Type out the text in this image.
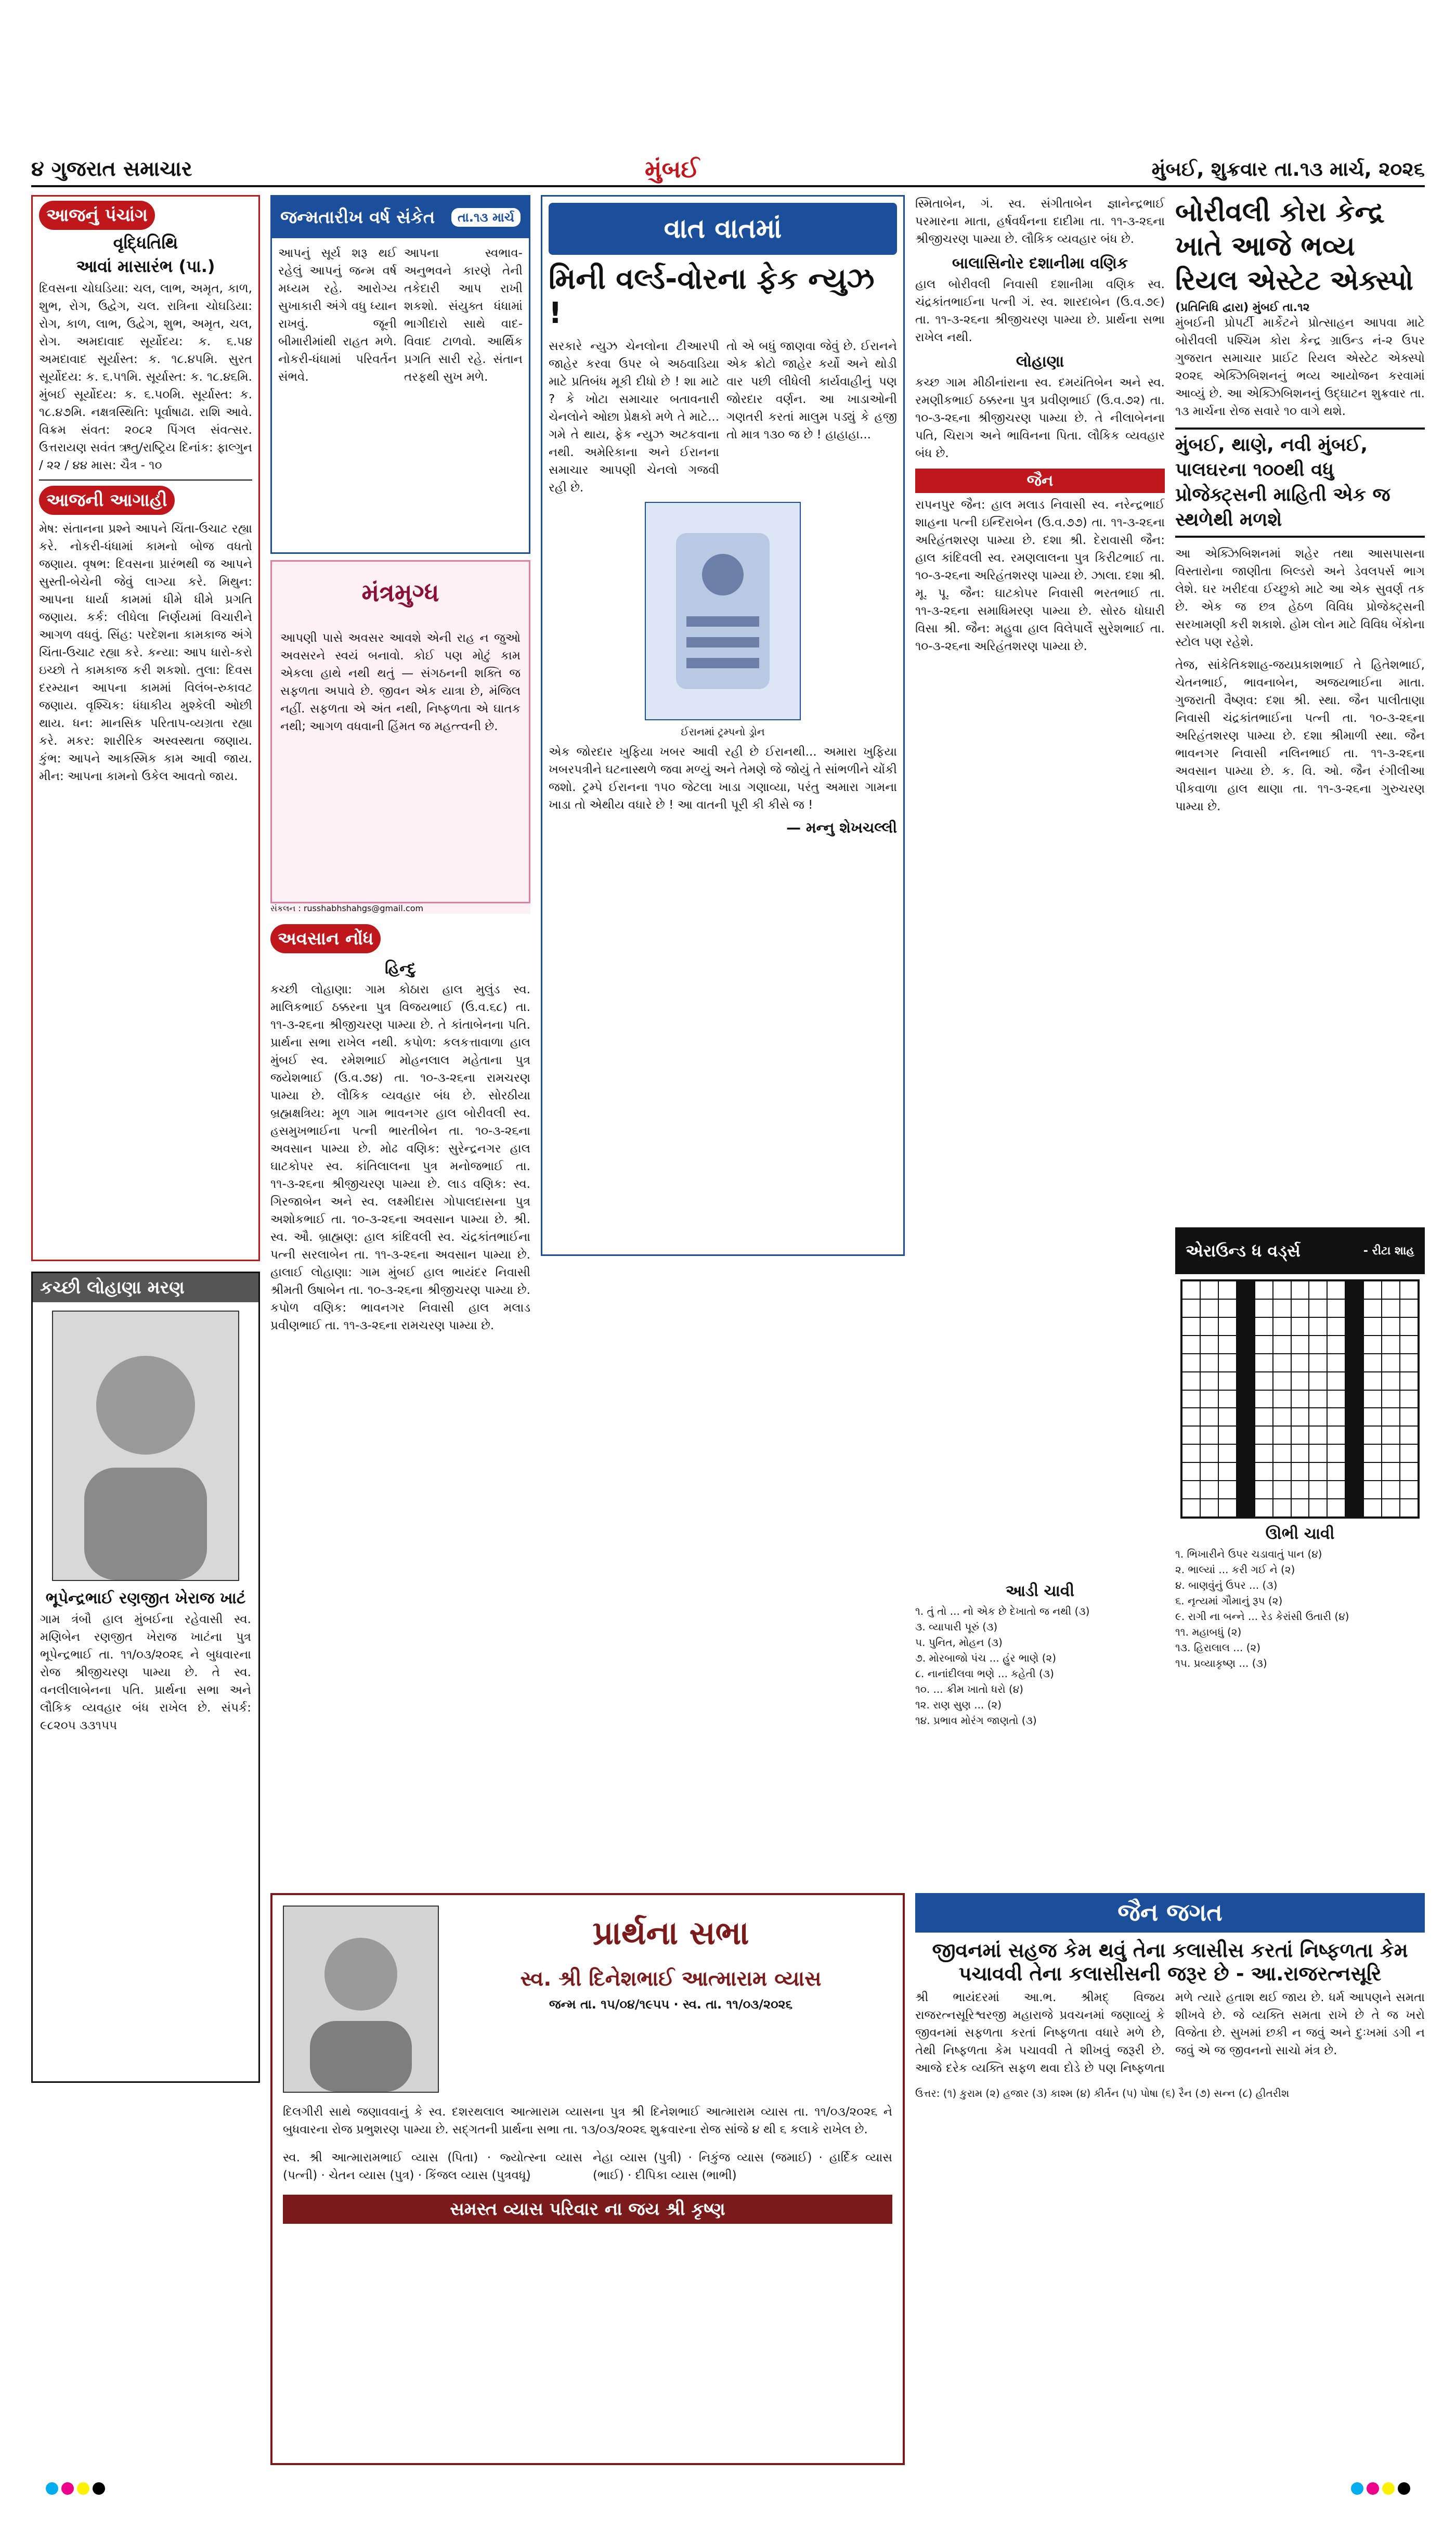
૪ ગુજરાત સમાચાર	મુંબઈ	મુંબઈ, શુક્રવાર તા.૧૩ માર્ચ, ૨૦૨૬
આજનું પંચાંગ
વૃદ્ધિતિથિ
આવાં માસારંભ (પા.)
દિવસના ચોઘડિયા: ચલ, લાભ, અમૃત, કાળ, શુભ, રોગ, ઉદ્વેગ, ચલ. રાત્રિના ચોઘડિયા: રોગ, કાળ, લાભ, ઉદ્વેગ, શુભ, અમૃત, ચલ, રોગ. અમદાવાદ સૂર્યોદય: ક. ૬.૫૪ અમદાવાદ સૂર્યાસ્ત: ક. ૧૮.૪૫મિ. સુરત સૂર્યોદય: ક. ૬.૫૧મિ. સૂર્યાસ્ત: ક. ૧૮.૪૬મિ. મુંબઈ સૂર્યોદય: ક. ૬.૫૦મિ. સૂર્યાસ્ત: ક. ૧૮.૪૭મિ. નક્ષત્રસ્થિતિ: પૂર્વાષાઢા. રાશિ આવે. વિક્રમ સંવત: ૨૦૮૨ પિંગલ સંવત્સર. ઉત્તરાયણ સવંત ઋતુ/રાષ્ટ્રિય દિનાંક: ફાલ્ગુન / ૨૨ / ૪૪ માસ: ચૈત્ર - ૧૦
આજની આગાહી
મેષ: સંતાનના પ્રશ્ને આપને ચિંતા-ઉચાટ રહ્યા કરે. નોકરી-ધંધામાં કામનો બોજ વધતો જણાય. વૃષભ: દિવસના પ્રારંભથી જ આપને સુસ્તી-બેચેની જેવું લાગ્યા કરે. મિથુન: આપના ધાર્યા કામમાં ધીમે ધીમે પ્રગતિ જણાય. કર્ક: લીધેલા નિર્ણયમાં વિચારીને આગળ વધવું. સિંહ: પરદેશના કામકાજ અંગે ચિંતા-ઉચાટ રહ્યા કરે. કન્યા: આપ ધારો-કરો ઇચ્છો તે કામકાજ કરી શકશો. તુલા: દિવસ દરમ્યાન આપના કામમાં વિલંબ-રુકાવટ જણાય. વૃશ્ચિક: ધંધાકીય મુશ્કેલી ઓછી થાય. ધન: માનસિક પરિતાપ-વ્યગ્રતા રહ્યા કરે. મકર: શારીરિક અસ્વસ્થતા જણાય. કુંભ: આપને આકસ્મિક કામ આવી જાય. મીન: આપના કામનો ઉકેલ આવતો જાય.
કચ્છી લોહાણા મરણ
ભૂપેન્દ્રભાઈ રણજીત ખેરાજ ખાટં
ગામ ત્રંબૌ હાલ મુંબઈના રહેવાસી સ્વ. મણિબેન રણજીત ખેરાજ ખાટંના પુત્ર ભૂપેન્દ્રભાઈ તા. ૧૧/૦૩/૨૦૨૬ ને બુધવારના રોજ શ્રીજીચરણ પામ્યા છે. તે સ્વ. વનલીલાબેનના પતિ. પ્રાર્થના સભા અને લૌકિક વ્યવહાર બંધ રાખેલ છે. સંપર્ક: ૯૮૨૦૫ ૩૩૧૫૫
જન્મતારીખ વર્ષ સંકેત	તા.૧૩ માર્ચ
આપનું સૂર્ય શરૂ થઈ રહેલું આપનું જન્મ વર્ષ મધ્યમ રહે. આરોગ્ય સુખાકારી અંગે વધુ ધ્યાન રાખવું. જૂની બીમારીમાંથી રાહત મળે. નોકરી-ધંધામાં પરિવર્તન સંભવે.
આપના સ્વભાવ-અનુભવને કારણે તેની તકેદારી આપ રાખી શકશો. સંયુક્ત ધંધામાં ભાગીદારો સાથે વાદ-વિવાદ ટાળવો. આર્થિક પ્રગતિ સારી રહે. સંતાન તરફથી સુખ મળે.
મંત્રમુગ્ધ
આપણી પાસે અવસર આવશે એની રાહ ન જુઓ અવસરને સ્વયં બનાવો. કોઈ પણ મોટું કામ એકલા હાથે નથી થતું — સંગઠનની શક્તિ જ સફળતા અપાવે છે. જીવન એક યાત્રા છે, મંજિલ નહીં. સફળતા એ અંત નથી, નિષ્ફળતા એ ઘાતક નથી; આગળ વધવાની હિંમત જ મહત્ત્વની છે.
સંકલન : russhabhshahgs@gmail.com
અવસાન નોંધ
હિન્દુ
કચ્છી લોહાણા: ગામ કોઠારા હાલ મુલુંડ સ્વ. માલિકભાઈ ઠક્કરના પુત્ર વિજયભાઈ (ઉ.વ.૬૮) તા. ૧૧-૩-૨૬ના શ્રીજીચરણ પામ્યા છે. તે કાંતાબેનના પતિ. પ્રાર્થના સભા રાખેલ નથી. કપોળ: કલકત્તાવાળા હાલ મુંબઈ સ્વ. રમેશભાઈ મોહનલાલ મહેતાના પુત્ર જયેશભાઈ (ઉ.વ.૭૪) તા. ૧૦-૩-૨૬ના રામચરણ પામ્યા છે. લૌકિક વ્યવહાર બંધ છે. સોરઠીયા બ્રહ્મક્ષત્રિય: મૂળ ગામ ભાવનગર હાલ બોરીવલી સ્વ. હસમુખભાઈના પત્ની ભારતીબેન તા. ૧૦-૩-૨૬ના અવસાન પામ્યા છે. મોઢ વણિક: સુરેન્દ્રનગર હાલ ઘાટકોપર સ્વ. કાંતિલાલના પુત્ર મનોજભાઈ તા. ૧૧-૩-૨૬ના શ્રીજીચરણ પામ્યા છે. લાડ વણિક: સ્વ. ગિરજાબેન અને સ્વ. લક્ષ્મીદાસ ગોપાલદાસના પુત્ર અશોકભાઈ તા. ૧૦-૩-૨૬ના અવસાન પામ્યા છે. શ્રી. સ્વ. ઔ. બ્રાહ્મણ: હાલ કાંદિવલી સ્વ. ચંદ્રકાંતભાઈના પત્ની સરલાબેન તા. ૧૧-૩-૨૬ના અવસાન પામ્યા છે. હાલાઈ લોહાણા: ગામ મુંબઈ હાલ ભાયંદર નિવાસી શ્રીમતી ઉષાબેન તા. ૧૦-૩-૨૬ના શ્રીજીચરણ પામ્યા છે. કપોળ વણિક: ભાવનગર નિવાસી હાલ મલાડ પ્રવીણભાઈ તા. ૧૧-૩-૨૬ના રામચરણ પામ્યા છે.
પ્રાર્થના સભા
સ્વ. શ્રી દિનેશભાઈ આત્મારામ વ્યાસ
જન્મ તા. ૧૫/૦૪/૧૯૫૫ · સ્વ. તા. ૧૧/૦૩/૨૦૨૬
દિલગીરી સાથે જણાવવાનું કે સ્વ. દશરથલાલ આત્મારામ વ્યાસના પુત્ર શ્રી દિનેશભાઈ આત્મારામ વ્યાસ તા. ૧૧/૦૩/૨૦૨૬ ને બુધવારના રોજ પ્રભુશરણ પામ્યા છે. સદ્ગતની પ્રાર્થના સભા તા. ૧૩/૦૩/૨૦૨૬ શુક્રવારના રોજ સાંજે ૪ થી ૬ કલાકે રાખેલ છે.
સ્વ. શ્રી આત્મારામભાઈ વ્યાસ (પિતા) · જ્યોત્સ્ના વ્યાસ (પત્ની) · ચેતન વ્યાસ (પુત્ર) · કિંજલ વ્યાસ (પુત્રવધૂ)
નેહા વ્યાસ (પુત્રી) · નિકુંજ વ્યાસ (જમાઈ) · હાર્દિક વ્યાસ (ભાઈ) · દીપિકા વ્યાસ (ભાભી)
સમસ્ત વ્યાસ પરિવાર ના જય શ્રી કૃષ્ણ
વાત વાતમાં
મિની વર્લ્ડ-વોરના ફેક ન્યુઝ !
સરકારે ન્યુઝ ચેનલોના ટીઆરપી જાહેર કરવા ઉપર બે અઠવાડિયા માટે પ્રતિબંધ મૂકી દીધો છે ! શા માટે ? કે ખોટા સમાચાર બતાવનારી ચેનલોને ઓછા પ્રેક્ષકો મળે તે માટે... ગમે તે થાય, ફેક ન્યુઝ અટકવાના નથી. અમેરિકાના અને ઈરાનના સમાચાર આપણી ચેનલો ગજવી રહી છે.
તો એ બધું જાણવા જેવું છે. ઈરાનને એક ક્રોટો જાહેર કર્યો અને થોડી વાર પછી લીધેલી કાર્યવાહીનું પણ જોરદાર વર્ણન. આ ખાડાઓની ગણતરી કરતાં માલુમ પડ્યું કે હજી તો માત્ર ૧૩૦ જ છે ! હાહાહા...
ઈરાનમાં ટ્રમ્પનો ડ્રોન
એક જોરદાર ખુફિયા ખબર આવી રહી છે ઈરાનથી... અમારા ખુફિયા ખબરપત્રીને ઘટનાસ્થળે જવા મળ્યું અને તેમણે જે જોયું તે સાંભળીને ચોંકી જશો. ટ્રમ્પે ઈરાનના ૧૫૦ જેટલા ખાડા ગણાવ્યા, પરંતુ અમારા ગામના ખાડા તો એથીય વધારે છે ! આ વાતની પૂરી કી કીસે જ !
— મન્નુ શેખચલ્લી
સ્મિતાબેન, ગં. સ્વ. સંગીતાબેન જ્ઞાનેન્દ્રભાઈ પરમારના માતા, હર્ષવર્ધનના દાદીમા તા. ૧૧-૩-૨૬ના શ્રીજીચરણ પામ્યા છે. લૌકિક વ્યવહાર બંધ છે.
બાલાસિનોર દશાનીમા વણિક
હાલ બોરીવલી નિવાસી દશાનીમા વણિક સ્વ. ચંદ્રકાંતભાઈના પત્ની ગં. સ્વ. શારદાબેન (ઉ.વ.૭૯) તા. ૧૧-૩-૨૬ના શ્રીજીચરણ પામ્યા છે. પ્રાર્થના સભા રાખેલ નથી.
લોહાણા
કચ્છ ગામ મીઠીનાંરાના સ્વ. દમયંતિબેન અને સ્વ. રમણીકભાઈ ઠક્કરના પુત્ર પ્રવીણભાઈ (ઉ.વ.૭૨) તા. ૧૦-૩-૨૬ના શ્રીજીચરણ પામ્યા છે. તે નીલાબેનના પતિ, ચિરાગ અને ભાવિનના પિતા. લૌકિક વ્યવહાર બંધ છે.
જૈન
રાપનપુર જૈન: હાલ મલાડ નિવાસી સ્વ. નરેન્દ્રભાઈ શાહના પત્ની ઇન્દિરાબેન (ઉ.વ.૭૭) તા. ૧૧-૩-૨૬ના અરિહંતશરણ પામ્યા છે. દશા શ્રી. દેરાવાસી જૈન: હાલ કાંદિવલી સ્વ. રમણલાલના પુત્ર કિરીટભાઈ તા. ૧૦-૩-૨૬ના અરિહંતશરણ પામ્યા છે. ઝાલા. દશા શ્રી. મૂ. પૂ. જૈન: ઘાટકોપર નિવાસી ભરતભાઈ તા. ૧૧-૩-૨૬ના સમાધિમરણ પામ્યા છે. સોરઠ ધોઘારી વિસા શ્રી. જૈન: મહુવા હાલ વિલેપાર્લે સુરેશભાઈ તા. ૧૦-૩-૨૬ના અરિહંતશરણ પામ્યા છે.
બોરીવલી કોરા કેન્દ્ર ખાતે આજે ભવ્ય રિયલ એસ્ટેટ એક્સ્પો
(પ્રતિનિધિ દ્વારા) મુંબઈ તા.૧૨
મુંબઈની પ્રોપર્ટી માર્કેટને પ્રોત્સાહન આપવા માટે બોરીવલી પશ્ચિમ કોરા કેન્દ્ર ગ્રાઉન્ડ નં-૨ ઉપર ગુજરાત સમાચાર પ્રાઈટ રિયલ એસ્ટેટ એક્સ્પો ૨૦૨૬ એક્ઝિબિશનનું ભવ્ય આયોજન કરવામાં આવ્યું છે. આ એક્ઝિબિશનનું ઉદ્ઘાટન શુક્રવાર તા. ૧૩ માર્ચના રોજ સવારે ૧૦ વાગે થશે.
મુંબઈ, થાણે, નવી મુંબઈ, પાલઘરના ૧૦૦થી વધુ પ્રોજેક્ટ્સની માહિતી એક જ સ્થળેથી મળશે
આ એક્ઝિબિશનમાં શહેર તથા આસપાસના વિસ્તારોના જાણીતા બિલ્ડરો અને ડેવલપર્સ ભાગ લેશે. ઘર ખરીદવા ઈચ્છુકો માટે આ એક સુવર્ણ તક છે. એક જ છત્ર હેઠળ વિવિધ પ્રોજેક્ટ્સની સરખામણી કરી શકાશે. હોમ લોન માટે વિવિધ બેંકોના સ્ટોલ પણ રહેશે.
તેજ, સાંકેતિકશાહ-જયપ્રકાશભાઈ તે હિતેશભાઈ, ચેતનભાઈ, ભાવનાબેન, અજયભાઈના માતા. ગુજરાતી વૈષ્ણવ: દશા શ્રી. સ્થા. જૈન પાલીતાણા નિવાસી ચંદ્રકાંતભાઈના પત્ની તા. ૧૦-૩-૨૬ના અરિહંતશરણ પામ્યા છે. દશા શ્રીમાળી સ્થા. જૈન ભાવનગર નિવાસી નલિનભાઈ તા. ૧૧-૩-૨૬ના અવસાન પામ્યા છે. ક. વિ. ઓ. જૈન રંગીલીઆ પીકવાળા હાલ થાણા તા. ૧૧-૩-૨૬ના ગુરુચરણ પામ્યા છે.
એરાઉન્ડ ધ વર્ડ્સ	- રીટા શાહ
ઊભી ચાવી
૧. ભિખારીને ઉપર ચડાવાતું પાન (૪)
૨. ભાલ્યાં ... કરી ગઈ ને (૨)
૪. બાણવુંનું ઉપર ... (૩)
૬. નૃત્યમાં ગૌમાનું રૂપ (૨)
૯. રાગી ના બન્ને ... રેડ કેરાંસી ઉતારી (૪)
૧૧. મહાબધું (૨)
૧૩. હિરાલાલ ... (૨)
૧૫. પ્રવ્યાકૃષ્ણ ... (૩)
આડી ચાવી
૧. તું તો ... નો એક છે દેખાતો જ નથી (૩)
૩. વ્યાપારી પૂરું (૩)
૫. પુનિત, મોહન (૩)
૭. મોરબાજો પંચ ... હુંર ભાણે (૨)
૮. નાનાંદીલવા ભણે ... કહેતી (૩)
૧૦. ... ક્રીમ ખાતો ધરો (૪)
૧૨. રાણ સુણ ... (૨)
૧૪. પ્રભાવ મોરંગ જાણતો (૩)
જૈન જગત
જીવનમાં સહજ કેમ થવું તેના કલાસીસ કરતાં નિષ્ફળતા કેમ પચાવવી તેના કલાસીસની જરૂર છે - આ.રાજરત્નસૂરિ
શ્રી ભાયંદરમાં આ.ભ. શ્રીમદ્ વિજય રાજરત્નસૂરિશ્વરજી મહારાજે પ્રવચનમાં જણાવ્યું કે જીવનમાં સફળતા કરતાં નિષ્ફળતા વધારે મળે છે, તેથી નિષ્ફળતા કેમ પચાવવી તે શીખવું જરૂરી છે. આજે દરેક વ્યક્તિ સફળ થવા દોડે છે પણ નિષ્ફળતા મળે ત્યારે હતાશ થઈ જાય છે. ધર્મ આપણને સમતા શીખવે છે. જે વ્યક્તિ સમતા રાખે છે તે જ ખરો વિજેતા છે. સુખમાં છકી ન જવું અને દુઃખમાં ડગી ન જવું એ જ જીવનનો સાચો મંત્ર છે.
ઉત્તર: (૧) કુરામ (૨) હજાર (૩) કાશ્મ (૪) કીર્તન (૫) પોષા (૬) રૈન (૭) સન્ન (૮) હીતરીશ
